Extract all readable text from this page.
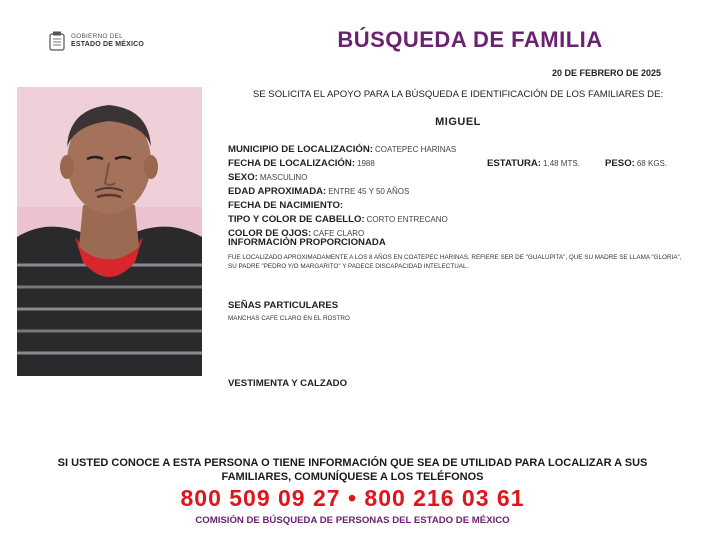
GOBIERNO DEL
ESTADO DE MÉXICO	BÚSQUEDA DE FAMILIA
20 DE FEBRERO DE 2025
SE SOLICITA EL APOYO PARA LA BÚSQUEDA E IDENTIFICACIÓN DE LOS FAMILIARES DE:
MIGUEL
MUNICIPIO DE LOCALIZACIÓN: COATEPEC HARINAS
FECHA DE LOCALIZACIÓN: 1988	ESTATURA: 1.48 MTS.	PESO: 68 KGS.
SEXO: MASCULINO
EDAD APROXIMADA: ENTRE 45 Y 50 AÑOS
FECHA DE NACIMIENTO:
TIPO Y COLOR DE CABELLO: CORTO ENTRECANO
COLOR DE OJOS: CAFE CLARO
INFORMACIÓN PROPORCIONADA
FUE LOCALIZADO APROXIMADAMENTE A LOS 8 AÑOS EN COATEPEC HARINAS, REFIERE SER DE "GUALUPITA", QUE SU MADRE SE LLAMA "GLORIA", SU PADRE "PEDRO Y/O MARGARITO" Y PADECE DISCAPACIDAD INTELECTUAL.
SEÑAS PARTICULARES
MANCHAS CAFE CLARO EN EL ROSTRO
VESTIMENTA Y CALZADO
SI USTED CONOCE A ESTA PERSONA O TIENE INFORMACIÓN QUE SEA DE UTILIDAD PARA LOCALIZAR A SUS FAMILIARES, COMUNÍQUESE A LOS TELÉFONOS
800 509 09 27 • 800 216 03 61
COMISIÓN DE BÚSQUEDA DE PERSONAS DEL ESTADO DE MÉXICO
